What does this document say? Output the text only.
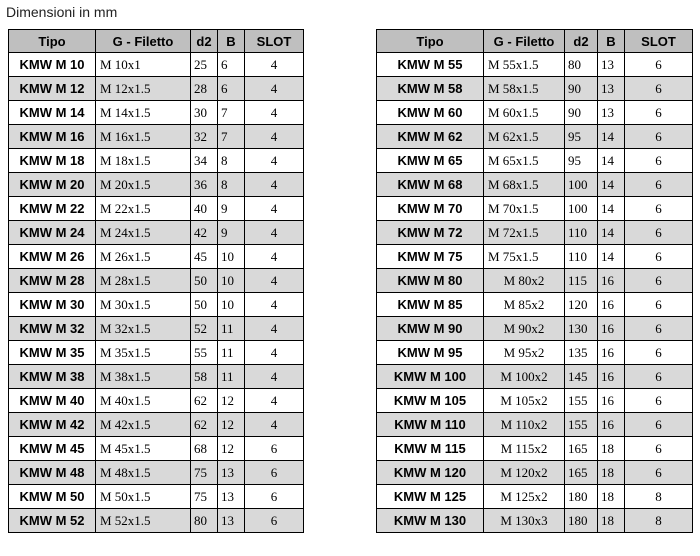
Dimensioni in mm
Tipo	G - Filetto	d2	B	SLOT
KMW M 10	M 10x1	25	6	4
KMW M 12	M 12x1.5	28	6	4
KMW M 14	M 14x1.5	30	7	4
KMW M 16	M 16x1.5	32	7	4
KMW M 18	M 18x1.5	34	8	4
KMW M 20	M 20x1.5	36	8	4
KMW M 22	M 22x1.5	40	9	4
KMW M 24	M 24x1.5	42	9	4
KMW M 26	M 26x1.5	45	10	4
KMW M 28	M 28x1.5	50	10	4
KMW M 30	M 30x1.5	50	10	4
KMW M 32	M 32x1.5	52	11	4
KMW M 35	M 35x1.5	55	11	4
KMW M 38	M 38x1.5	58	11	4
KMW M 40	M 40x1.5	62	12	4
KMW M 42	M 42x1.5	62	12	4
KMW M 45	M 45x1.5	68	12	6
KMW M 48	M 48x1.5	75	13	6
KMW M 50	M 50x1.5	75	13	6
KMW M 52	M 52x1.5	80	13	6
Tipo	G - Filetto	d2	B	SLOT
KMW M 55	M 55x1.5	80	13	6
KMW M 58	M 58x1.5	90	13	6
KMW M 60	M 60x1.5	90	13	6
KMW M 62	M 62x1.5	95	14	6
KMW M 65	M 65x1.5	95	14	6
KMW M 68	M 68x1.5	100	14	6
KMW M 70	M 70x1.5	100	14	6
KMW M 72	M 72x1.5	110	14	6
KMW M 75	M 75x1.5	110	14	6
KMW M 80	M 80x2	115	16	6
KMW M 85	M 85x2	120	16	6
KMW M 90	M 90x2	130	16	6
KMW M 95	M 95x2	135	16	6
KMW M 100	M 100x2	145	16	6
KMW M 105	M 105x2	155	16	6
KMW M 110	M 110x2	155	16	6
KMW M 115	M 115x2	165	18	6
KMW M 120	M 120x2	165	18	6
KMW M 125	M 125x2	180	18	8
KMW M 130	M 130x3	180	18	8
